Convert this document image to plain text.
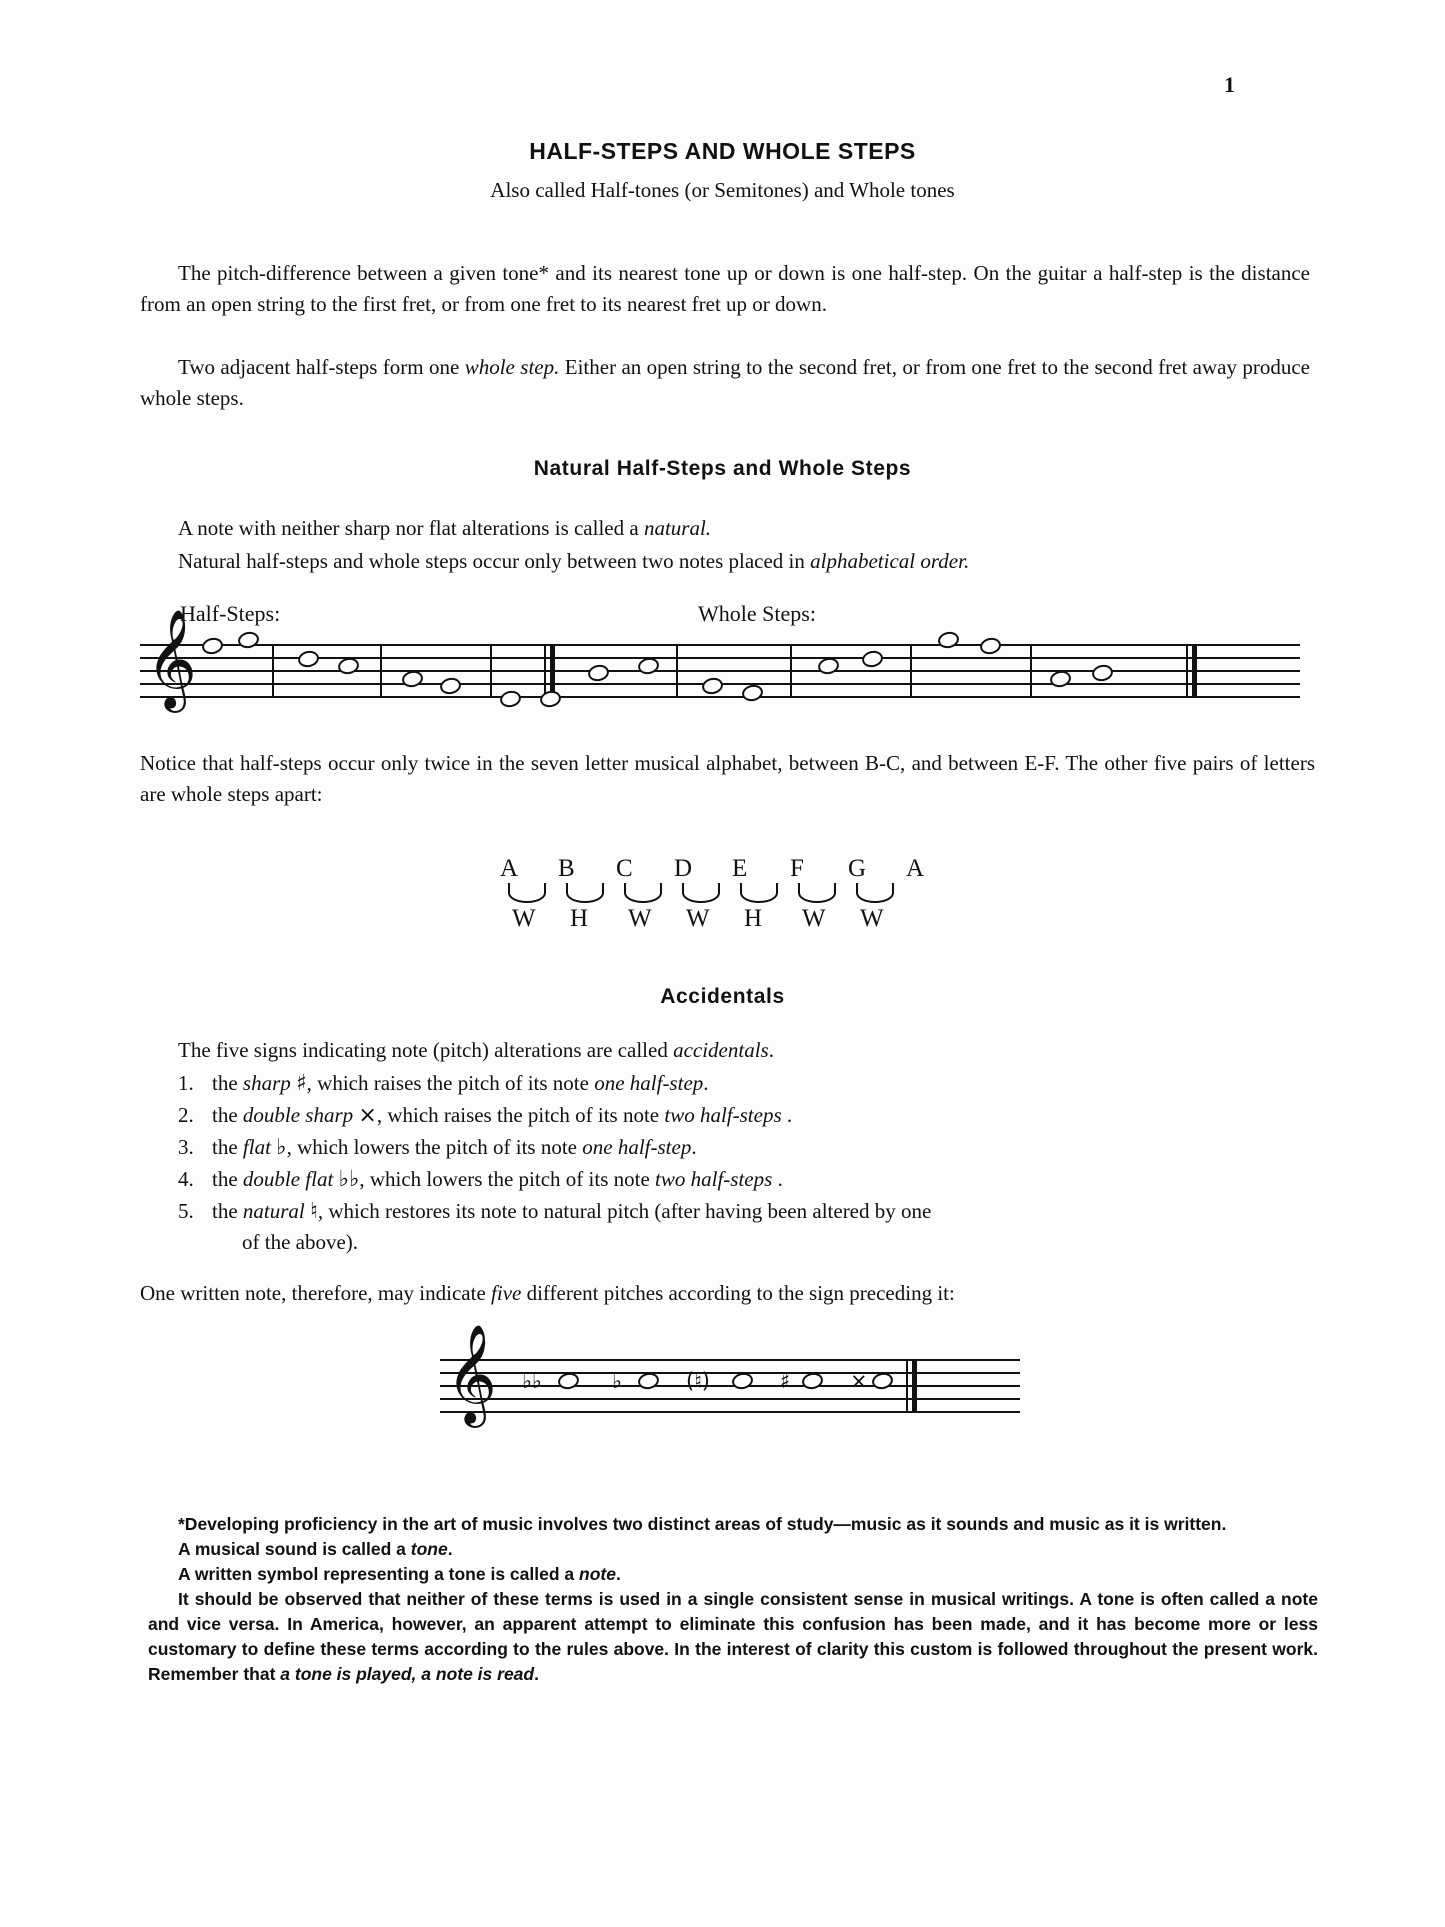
1
HALF-STEPS AND WHOLE STEPS
Also called Half-tones (or Semitones) and Whole tones
The pitch-difference between a given tone* and its nearest tone up or down is one half-step. On the guitar a half-step is the distance from an open string to the first fret, or from one fret to its nearest fret up or down.
Two adjacent half-steps form one whole step. Either an open string to the second fret, or from one fret to the second fret away produce whole steps.
Natural Half-Steps and Whole Steps
A note with neither sharp nor flat alterations is called a natural.
Natural half-steps and whole steps occur only between two notes placed in alphabetical order.
Half-Steps:	Whole Steps:
𝄞
Notice that half-steps occur only twice in the seven letter musical alphabet, between B-C, and between E-F. The other five pairs of letters are whole steps apart:
A B C D E F G A
W H W W H W W
Accidentals
The five signs indicating note (pitch) alterations are called accidentals.
1. the sharp ♯, which raises the pitch of its note one half-step.
2. the double sharp ×, which raises the pitch of its note two half-steps .
3. the flat ♭, which lowers the pitch of its note one half-step.
4. the double flat ♭♭, which lowers the pitch of its note two half-steps .
5. the natural ♮, which restores its note to natural pitch (after having been altered by one
of the above).
One written note, therefore, may indicate five different pitches according to the sign preceding it:
𝄞 ♭♭	♭	(♮)	♯	×
*Developing proficiency in the art of music involves two distinct areas of study—music as it sounds and music as it is written.
A musical sound is called a tone.
A written symbol representing a tone is called a note.
It should be observed that neither of these terms is used in a single consistent sense in musical writings. A tone is often called a note and vice versa. In America, however, an apparent attempt to eliminate this confusion has been made, and it has become more or less customary to define these terms according to the rules above. In the interest of clarity this custom is followed throughout the present work. Remember that a tone is played, a note is read.
